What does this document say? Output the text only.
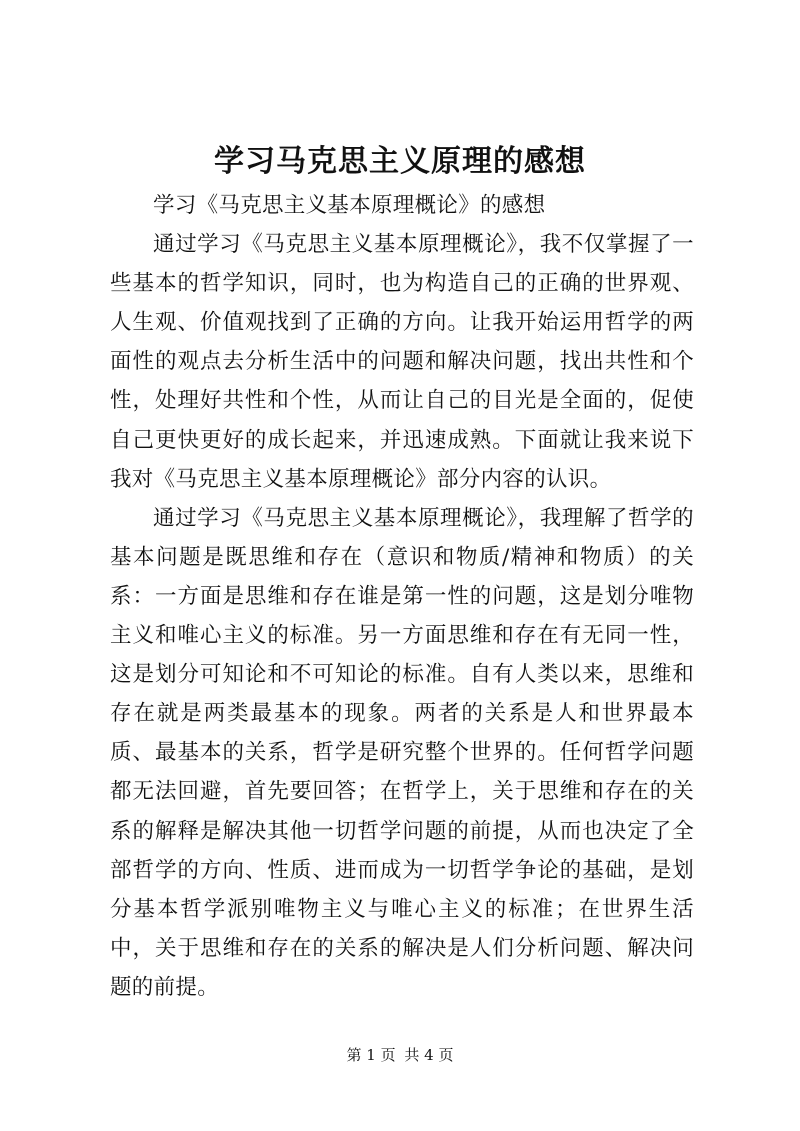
学习马克思主义原理的感想

学习《马克思主义基本原理概论》的感想

通过学习《马克思主义基本原理概论》，我不仅掌握了一些基本的哲学知识，同时，也为构造自己的正确的世界观、人生观、价值观找到了正确的方向。让我开始运用哲学的两面性的观点去分析生活中的问题和解决问题，找出共性和个性，处理好共性和个性，从而让自己的目光是全面的，促使自己更快更好的成长起来，并迅速成熟。下面就让我来说下我对《马克思主义基本原理概论》部分内容的认识。

通过学习《马克思主义基本原理概论》，我理解了哲学的基本问题是既思维和存在（意识和物质/精神和物质）的关系：一方面是思维和存在谁是第一性的问题，这是划分唯物主义和唯心主义的标准。另一方面思维和存在有无同一性，这是划分可知论和不可知论的标准。自有人类以来，思维和存在就是两类最基本的现象。两者的关系是人和世界最本质、最基本的关系，哲学是研究整个世界的。任何哲学问题都无法回避，首先要回答；在哲学上，关于思维和存在的关系的解释是解决其他一切哲学问题的前提，从而也决定了全部哲学的方向、性质、进而成为一切哲学争论的基础，是划分基本哲学派别唯物主义与唯心主义的标准；在世界生活中，关于思维和存在的关系的解决是人们分析问题、解决问题的前提。

第 1 页 共 4 页
